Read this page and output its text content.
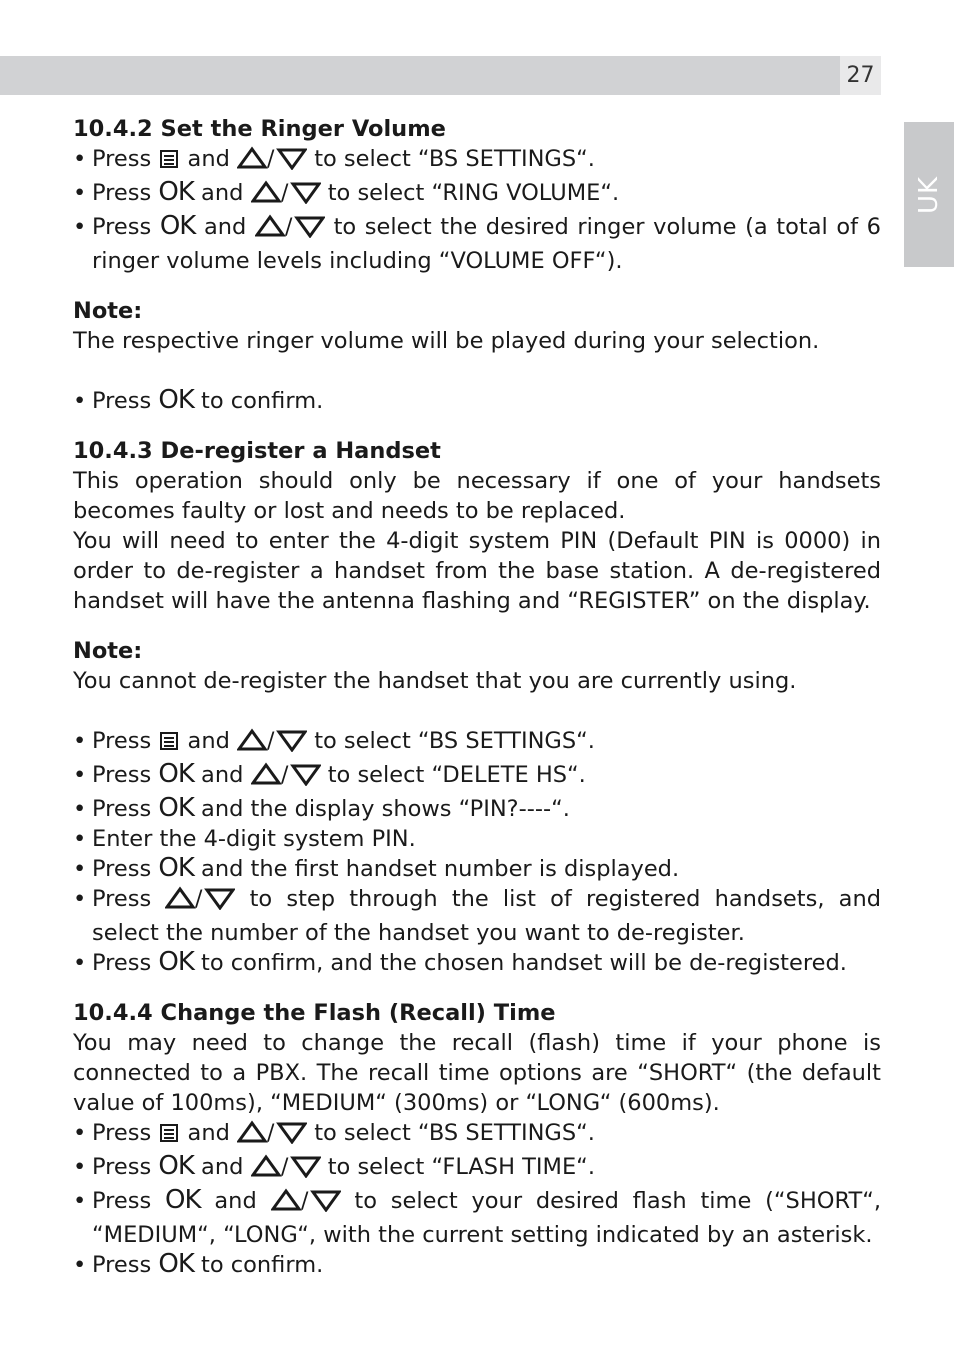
27
UK
10.4.2 Set the Ringer Volume
• Press and / to select “BS SETTINGS“.
• Press OK and / to select “RING VOLUME“.
• Press OK and / to select the desired ringer volume (a total of 6 ringer volume levels including “VOLUME OFF“).

Note:

The respective ringer volume will be played during your selection.

• Press OK to confirm.
10.4.3 De-register a Handset

This operation should only be necessary if one of your handsets becomes faulty or lost and needs to be replaced.

You will need to enter the 4-digit system PIN (Default PIN is 0000) in order to de-register a handset from the base station. A de-registered handset will have the antenna flashing and “REGISTER” on the display.

Note:

You cannot de-register the handset that you are currently using.

• Press and / to select “BS SETTINGS“.
• Press OK and / to select “DELETE HS“.
• Press OK and the display shows “PIN?----“.
• Enter the 4-digit system PIN.
• Press OK and the first handset number is displayed.
• Press / to step through the list of registered handsets, and select the number of the handset you want to de-register.
• Press OK to confirm, and the chosen handset will be de-registered.
10.4.4 Change the Flash (Recall) Time

You may need to change the recall (flash) time if your phone is connected to a PBX. The recall time options are “SHORT“ (the default value of 100ms), “MEDIUM“ (300ms) or “LONG“ (600ms).

• Press and / to select “BS SETTINGS“.
• Press OK and / to select “FLASH TIME“.
• Press OK and / to select your desired flash time (“SHORT“, “MEDIUM“, “LONG“, with the current setting indicated by an asterisk.
• Press OK to confirm.
